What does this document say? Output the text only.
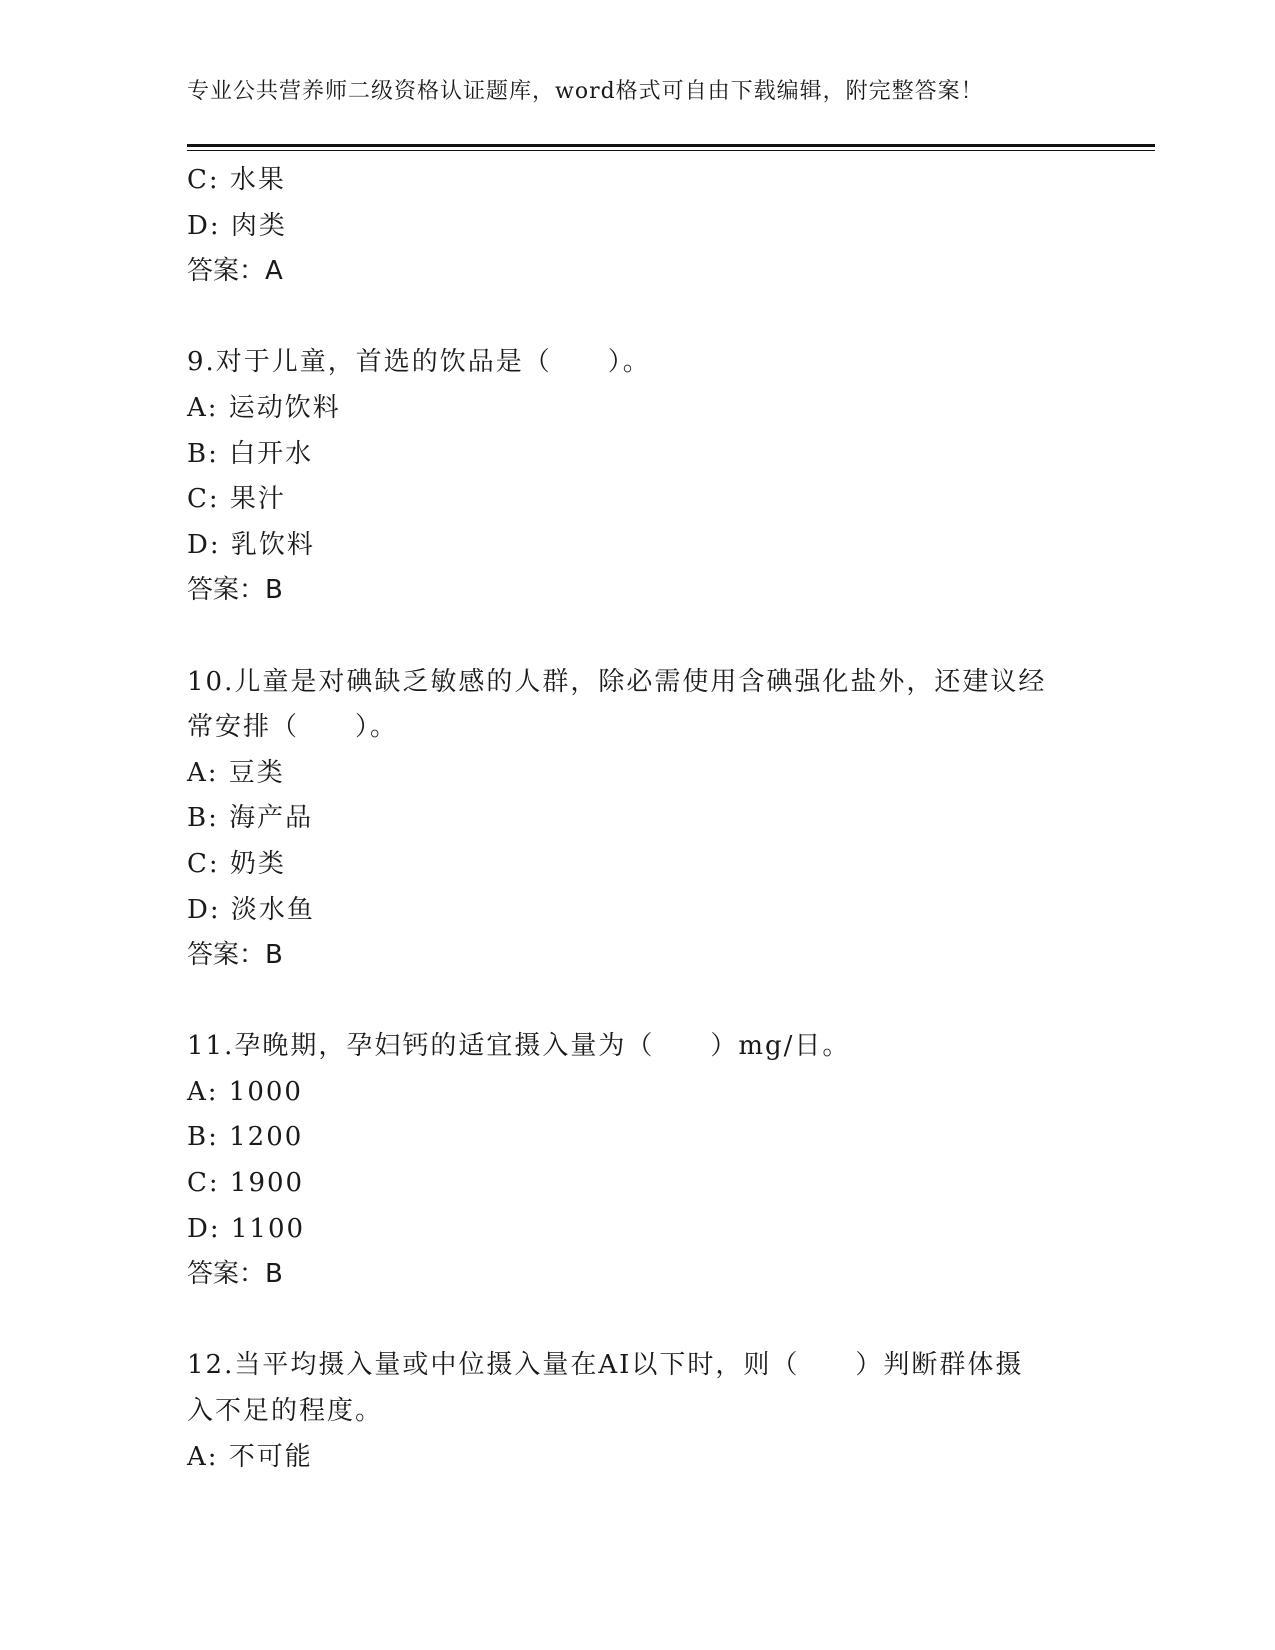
专业公共营养师二级资格认证题库，word格式可自由下载编辑，附完整答案！
C: 水果
D: 肉类
答案：A
9.对于儿童，首选的饮品是（　　）。
A: 运动饮料
B: 白开水
C: 果汁
D: 乳饮料
答案：B
10.儿童是对碘缺乏敏感的人群，除必需使用含碘强化盐外，还建议经
常安排（　　）。
A: 豆类
B: 海产品
C: 奶类
D: 淡水鱼
答案：B
11.孕晚期，孕妇钙的适宜摄入量为（　　）mg/日。
A: 1000
B: 1200
C: 1900
D: 1100
答案：B
12.当平均摄入量或中位摄入量在AI以下时，则（　　）判断群体摄
入不足的程度。
A: 不可能
